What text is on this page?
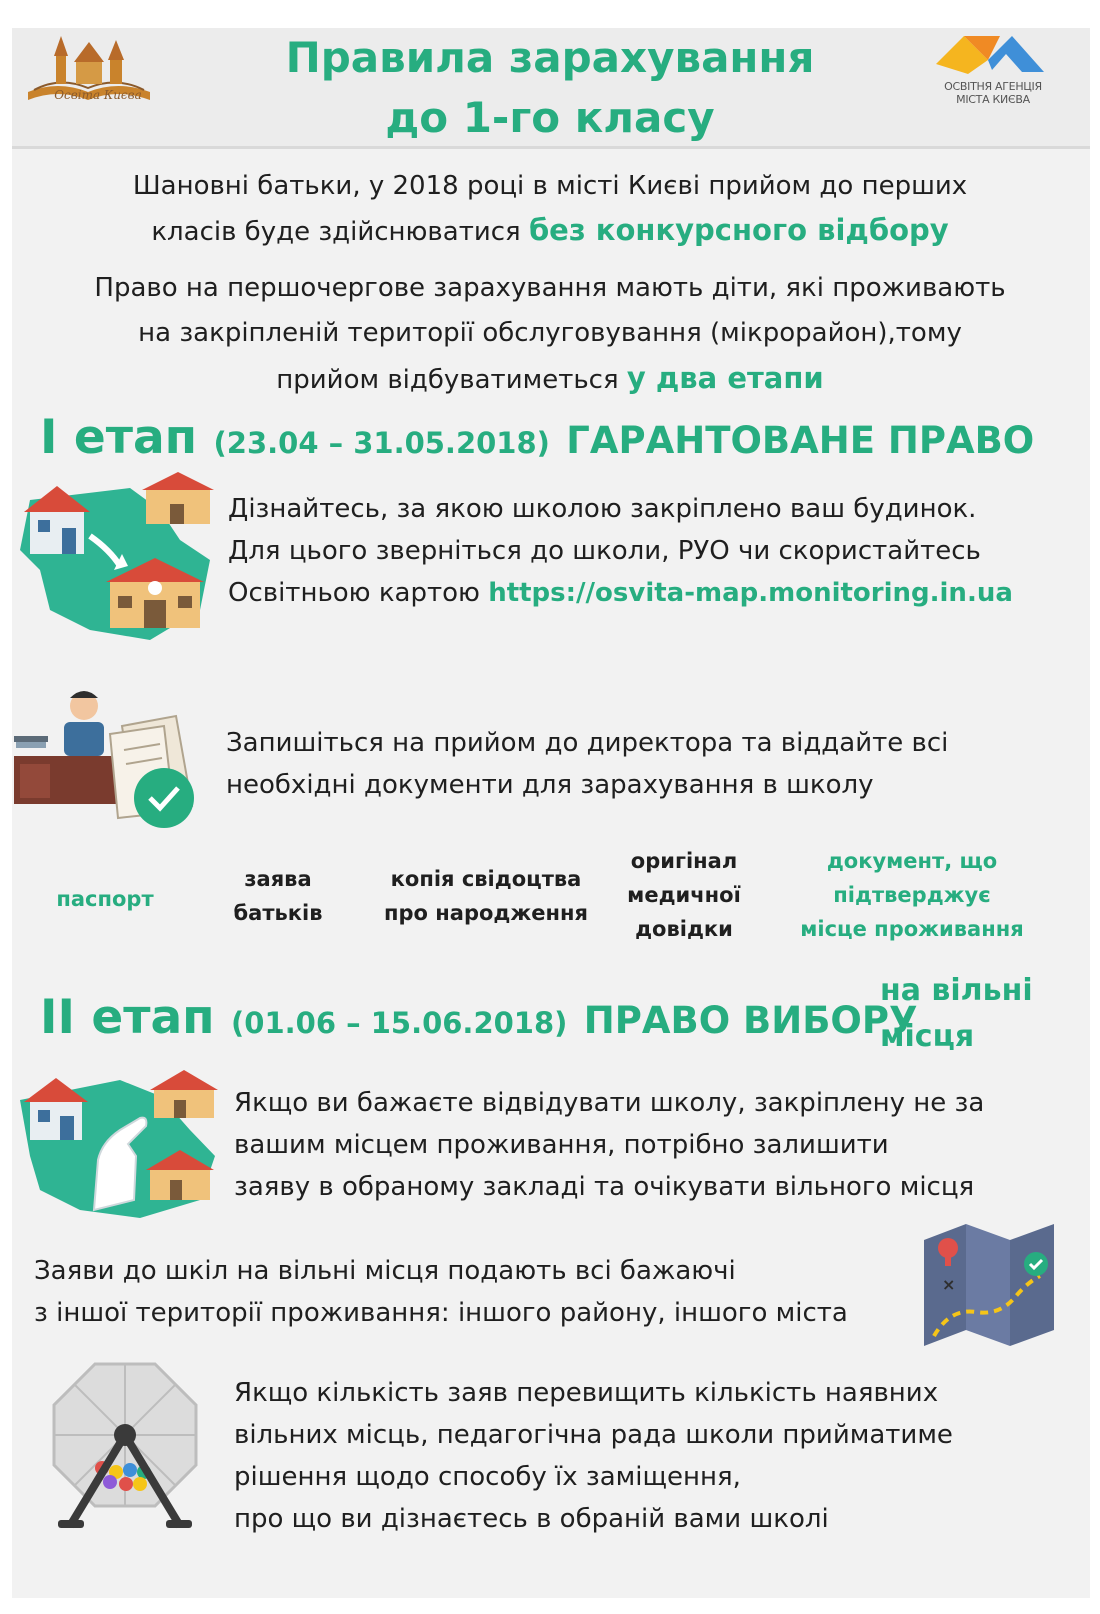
Освіта Києва
Правила зарахування
до 1-го класу
ОСВІТНЯ АГЕНЦІЯ
МІСТА КИЄВА
Шановні батьки, у 2018 році в місті Києві прийом до перших
класів буде здійснюватися без конкурсного відбору
Право на першочергове зарахування мають діти, які проживають
на закріпленій території обслуговування (мікрорайон),тому
прийом відбуватиметься у два етапи
І етап (23.04 – 31.05.2018) ГАРАНТОВАНЕ ПРАВО
Дізнайтесь, за якою школою закріплено ваш будинок.
Для цього зверніться до школи, РУО чи скористайтесь
Освітньою картою https://osvita-map.monitoring.in.ua
Запишіться на прийом до директора та віддайте всі
необхідні документи для зарахування в школу
паспорт
заява
батьків
копія свідоцтва
про народження
оригінал
медичної
довідки
документ, що
підтверджує
місце проживання
ІІ етап (01.06 – 15.06.2018) ПРАВО ВИБОРУ
на вільні
місця
Якщо ви бажаєте відвідувати школу, закріплену не за
вашим місцем проживання, потрібно залишити
заяву в обраному закладі та очікувати вільного місця
Заяви до шкіл на вільні місця подають всі бажаючі
з іншої території проживання: іншого району, іншого міста
×
Якщо кількість заяв перевищить кількість наявних
вільних місць, педагогічна рада школи прийматиме
рішення щодо способу їх заміщення,
про що ви дізнаєтесь в обраній вами школі
